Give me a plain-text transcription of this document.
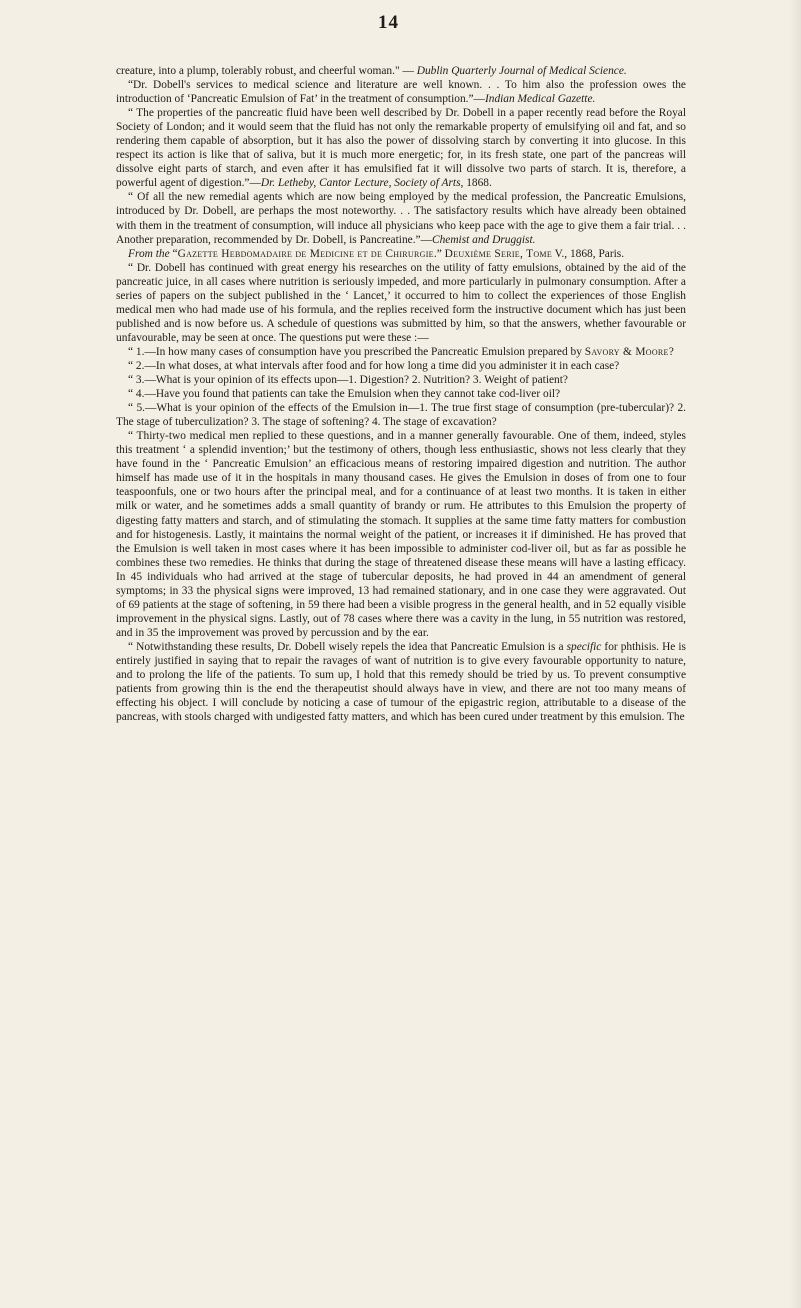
14

creature, into a plump, tolerably robust, and cheerful woman." — Dublin Quarterly Journal of Medical Science.

“Dr. Dobell's services to medical science and literature are well known. . . To him also the profession owes the introduction of ‘Pancreatic Emulsion of Fat’ in the treatment of consumption.”—Indian Medical Gazette.

“ The properties of the pancreatic fluid have been well described by Dr. Dobell in a paper recently read before the Royal Society of London; and it would seem that the fluid has not only the remarkable property of emulsifying oil and fat, and so rendering them capable of absorption, but it has also the power of dissolving starch by converting it into glucose. In this respect its action is like that of saliva, but it is much more energetic; for, in its fresh state, one part of the pancreas will dissolve eight parts of starch, and even after it has emulsified fat it will dissolve two parts of starch. It is, therefore, a powerful agent of digestion.”—Dr. Letheby, Cantor Lecture, Society of Arts, 1868.

“ Of all the new remedial agents which are now being employed by the medical profession, the Pancreatic Emulsions, introduced by Dr. Dobell, are perhaps the most noteworthy. . . The satisfactory results which have already been obtained with them in the treatment of consumption, will induce all physicians who keep pace with the age to give them a fair trial. . . Another preparation, recommended by Dr. Dobell, is Pancreatine.”—Chemist and Druggist.

From the “Gazette Hebdomadaire de Medicine et de Chirurgie.” Deuxième Serie, Tome V., 1868, Paris.

“ Dr. Dobell has continued with great energy his researches on the utility of fatty emulsions, obtained by the aid of the pancreatic juice, in all cases where nutrition is seriously impeded, and more particularly in pulmonary consumption. After a series of papers on the subject published in the ‘ Lancet,’ it occurred to him to collect the experiences of those English medical men who had made use of his formula, and the replies received form the instructive document which has just been published and is now before us. A schedule of questions was submitted by him, so that the answers, whether favourable or unfavourable, may be seen at once. The questions put were these :—

“ 1.—In how many cases of consumption have you prescribed the Pancreatic Emulsion prepared by Savory & Moore?

“ 2.—In what doses, at what intervals after food and for how long a time did you administer it in each case?

“ 3.—What is your opinion of its effects upon—1. Digestion? 2. Nutrition? 3. Weight of patient?

“ 4.—Have you found that patients can take the Emulsion when they cannot take cod-liver oil?

“ 5.—What is your opinion of the effects of the Emulsion in—1. The true first stage of consumption (pre-tubercular)? 2. The stage of tuberculization? 3. The stage of softening? 4. The stage of excavation?

“ Thirty-two medical men replied to these questions, and in a manner generally favourable. One of them, indeed, styles this treatment ‘ a splendid invention;’ but the testimony of others, though less enthusiastic, shows not less clearly that they have found in the ‘ Pancreatic Emulsion’ an efficacious means of restoring impaired digestion and nutrition. The author himself has made use of it in the hospitals in many thousand cases. He gives the Emulsion in doses of from one to four teaspoonfuls, one or two hours after the principal meal, and for a continuance of at least two months. It is taken in either milk or water, and he sometimes adds a small quantity of brandy or rum. He attributes to this Emulsion the property of digesting fatty matters and starch, and of stimulating the stomach. It supplies at the same time fatty matters for combustion and for histogenesis. Lastly, it maintains the normal weight of the patient, or increases it if diminished. He has proved that the Emulsion is well taken in most cases where it has been impossible to administer cod-liver oil, but as far as possible he combines these two remedies. He thinks that during the stage of threatened disease these means will have a lasting efficacy. In 45 individuals who had arrived at the stage of tubercular deposits, he had proved in 44 an amendment of general symptoms; in 33 the physical signs were improved, 13 had remained stationary, and in one case they were aggravated. Out of 69 patients at the stage of softening, in 59 there had been a visible progress in the general health, and in 52 equally visible improvement in the physical signs. Lastly, out of 78 cases where there was a cavity in the lung, in 55 nutrition was restored, and in 35 the improvement was proved by percussion and by the ear.

“ Notwithstanding these results, Dr. Dobell wisely repels the idea that Pancreatic Emulsion is a specific for phthisis. He is entirely justified in saying that to repair the ravages of want of nutrition is to give every favourable opportunity to nature, and to prolong the life of the patients. To sum up, I hold that this remedy should be tried by us. To prevent consumptive patients from growing thin is the end the therapeutist should always have in view, and there are not too many means of effecting his object. I will conclude by noticing a case of tumour of the epigastric region, attributable to a disease of the pancreas, with stools charged with undigested fatty matters, and which has been cured under treatment by this emulsion. The
